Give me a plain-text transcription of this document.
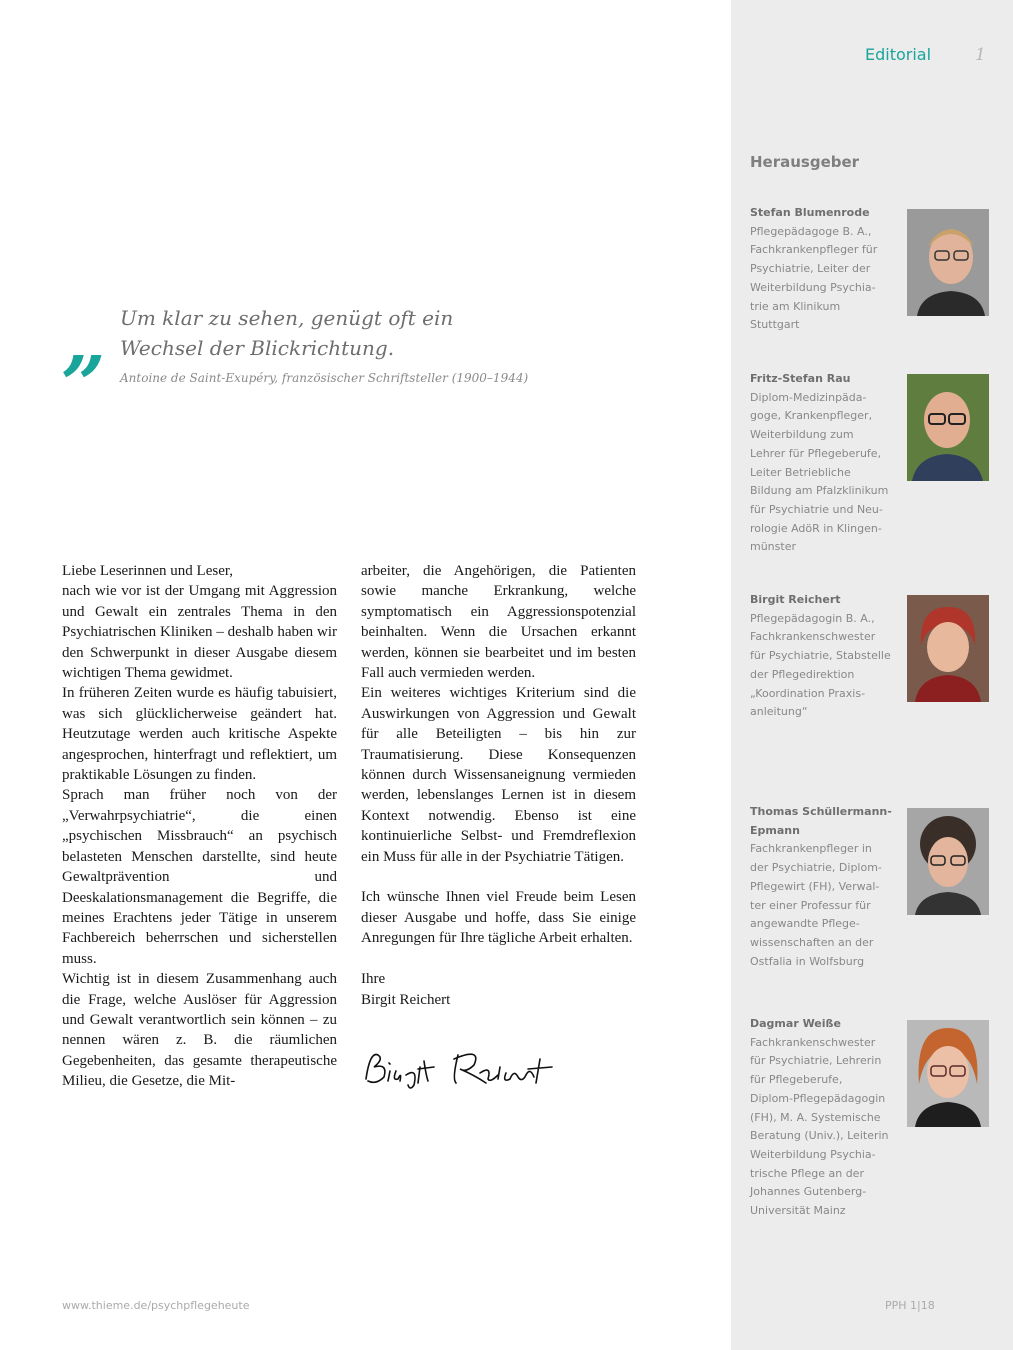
Editorial	1
Herausgeber
Stefan Blumenrode
Pflegepädagoge B. A.,
Fachkrankenpfleger für
Psychiatrie, Leiter der
Weiterbildung Psychia-
trie am Klinikum
Stuttgart
Fritz-Stefan Rau
Diplom-Medizinpäda-
goge, Krankenpfleger,
Weiterbildung zum
Lehrer für Pflegeberufe,
Leiter Betriebliche
Bildung am Pfalzklinikum
für Psychiatrie und Neu-
rologie AdöR in Klingen-
münster
Birgit Reichert
Pflegepädagogin B. A.,
Fachkrankenschwester
für Psychiatrie, Stabstelle
der Pflegedirektion
„Koordination Praxis-
anleitung“
Thomas Schüllermann- Epmann
Fachkrankenpfleger in
der Psychiatrie, Diplom-
Pflegewirt (FH), Verwal-
ter einer Professur für
angewandte Pflege-
wissenschaften an der
Ostfalia in Wolfsburg
Dagmar Weiße
Fachkrankenschwester
für Psychiatrie, Lehrerin
für Pflegeberufe,
Diplom-Pflegepädagogin
(FH), M. A. Systemische
Beratung (Univ.), Leiterin
Weiterbildung Psychia-
trische Pflege an der
Johannes Gutenberg-
Universität Mainz
„ Um klar zu sehen, genügt oft ein Wechsel der Blickrichtung.
Antoine de Saint-Exupéry, französischer Schriftsteller (1900–1944)

Liebe Leserinnen und Leser,

nach wie vor ist der Umgang mit Aggression und Gewalt ein zentrales Thema in den Psychiatrischen Kliniken – deshalb haben wir den Schwerpunkt in dieser Ausgabe diesem wichtigen Thema gewidmet.

In früheren Zeiten wurde es häufig tabuisiert, was sich glücklicherweise geändert hat. Heutzutage werden auch kritische Aspekte angesprochen, hinterfragt und reflektiert, um praktikable Lösungen zu finden.

Sprach man früher noch von der „Verwahrpsychiatrie“, die einen „psychischen Missbrauch“ an psychisch belasteten Menschen darstellte, sind heute Gewaltprävention und Deeskalationsmanagement die Begriffe, die meines Erachtens jeder Tätige in unserem Fachbereich beherrschen und sicherstellen muss.

Wichtig ist in diesem Zusammenhang auch die Frage, welche Auslöser für Aggression und Gewalt verantwortlich sein können – zu nennen wären z. B. die räumlichen Gegebenheiten, das gesamte therapeutische Milieu, die Gesetze, die Mit-

arbeiter, die Angehörigen, die Patienten sowie manche Erkrankung, welche symptomatisch ein Aggressionspotenzial beinhalten. Wenn die Ursachen erkannt werden, können sie bearbeitet und im besten Fall auch vermieden werden.

Ein weiteres wichtiges Kriterium sind die Auswirkungen von Aggression und Gewalt für alle Beteiligten – bis hin zur Traumatisierung. Diese Konsequenzen können durch Wissensaneignung vermieden werden, lebenslanges Lernen ist in diesem Kontext notwendig. Ebenso ist eine kontinuierliche Selbst- und Fremdreflexion ein Muss für alle in der Psychiatrie Tätigen.

Ich wünsche Ihnen viel Freude beim Lesen dieser Ausgabe und hoffe, dass Sie einige Anregungen für Ihre tägliche Arbeit erhalten.

Ihre

Birgit Reichert

www.thieme.de/psychpflegeheute	PPH 1|18
